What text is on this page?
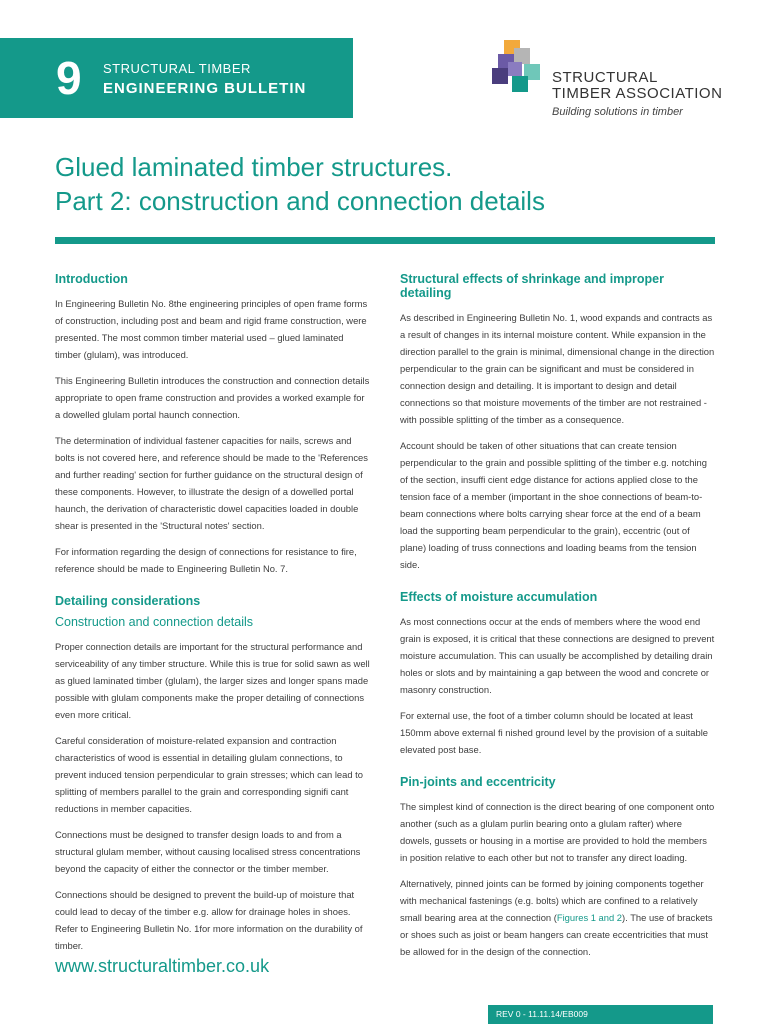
9 STRUCTURAL TIMBER
ENGINEERING BULLETIN
STRUCTURAL
TIMBER ASSOCIATION
Building solutions in timber
Glued laminated timber structures.
Part 2: construction and connection details
Introduction

In Engineering Bulletin No. 8the engineering principles of open frame forms of construction, including post and beam and rigid frame construction, were presented. The most common timber material used – glued laminated timber (glulam), was introduced.

This Engineering Bulletin introduces the construction and connection details appropriate to open frame construction and provides a worked example for a dowelled glulam portal haunch connection.

The determination of individual fastener capacities for nails, screws and bolts is not covered here, and reference should be made to the 'References and further reading' section for further guidance on the structural design of these components. However, to illustrate the design of a dowelled portal haunch, the derivation of characteristic dowel capacities loaded in double shear is presented in the 'Structural notes' section.

For information regarding the design of connections for resistance to fire, reference should be made to Engineering Bulletin No. 7.

Detailing considerations
Construction and connection details

Proper connection details are important for the structural performance and serviceability of any timber structure. While this is true for solid sawn as well as glued laminated timber (glulam), the larger sizes and longer spans made possible with glulam components make the proper detailing of connections even more critical.

Careful consideration of moisture-related expansion and contraction characteristics of wood is essential in detailing glulam connections, to prevent induced tension perpendicular to grain stresses; which can lead to splitting of members parallel to the grain and corresponding signifi cant reductions in member capacities.

Connections must be designed to transfer design loads to and from a structural glulam member, without causing localised stress concentrations beyond the capacity of either the connector or the timber member.

Connections should be designed to prevent the build-up of moisture that could lead to decay of the timber e.g. allow for drainage holes in shoes. Refer to Engineering Bulletin No. 1for more information on the durability of timber.

Structural effects of shrinkage and improper detailing

As described in Engineering Bulletin No. 1, wood expands and contracts as a result of changes in its internal moisture content. While expansion in the direction parallel to the grain is minimal, dimensional change in the direction perpendicular to the grain can be significant and must be considered in connection design and detailing. It is important to design and detail connections so that moisture movements of the timber are not restrained - with possible splitting of the timber as a consequence.

Account should be taken of other situations that can create tension perpendicular to the grain and possible splitting of the timber e.g. notching of the section, insuffi cient edge distance for actions applied close to the tension face of a member (important in the shoe connections of beam-to-beam connections where bolts carrying shear force at the end of a beam load the supporting beam perpendicular to the grain), eccentric (out of plane) loading of truss connections and loading beams from the tension side.

Effects of moisture accumulation

As most connections occur at the ends of members where the wood end grain is exposed, it is critical that these connections are designed to prevent moisture accumulation. This can usually be accomplished by detailing drain holes or slots and by maintaining a gap between the wood and concrete or masonry construction.

For external use, the foot of a timber column should be located at least 150mm above external fi nished ground level by the provision of a suitable elevated post base.

Pin-joints and eccentricity

The simplest kind of connection is the direct bearing of one component onto another (such as a glulam purlin bearing onto a glulam rafter) where dowels, gussets or housing in a mortise are provided to hold the members in position relative to each other but not to transfer any direct loading.

Alternatively, pinned joints can be formed by joining components together with mechanical fastenings (e.g. bolts) which are confined to a relatively small bearing area at the connection (Figures 1 and 2). The use of brackets or shoes such as joist or beam hangers can create eccentricities that must be allowed for in the design of the connection.

www.structuraltimber.co.uk
REV 0 - 11.11.14/EB009
